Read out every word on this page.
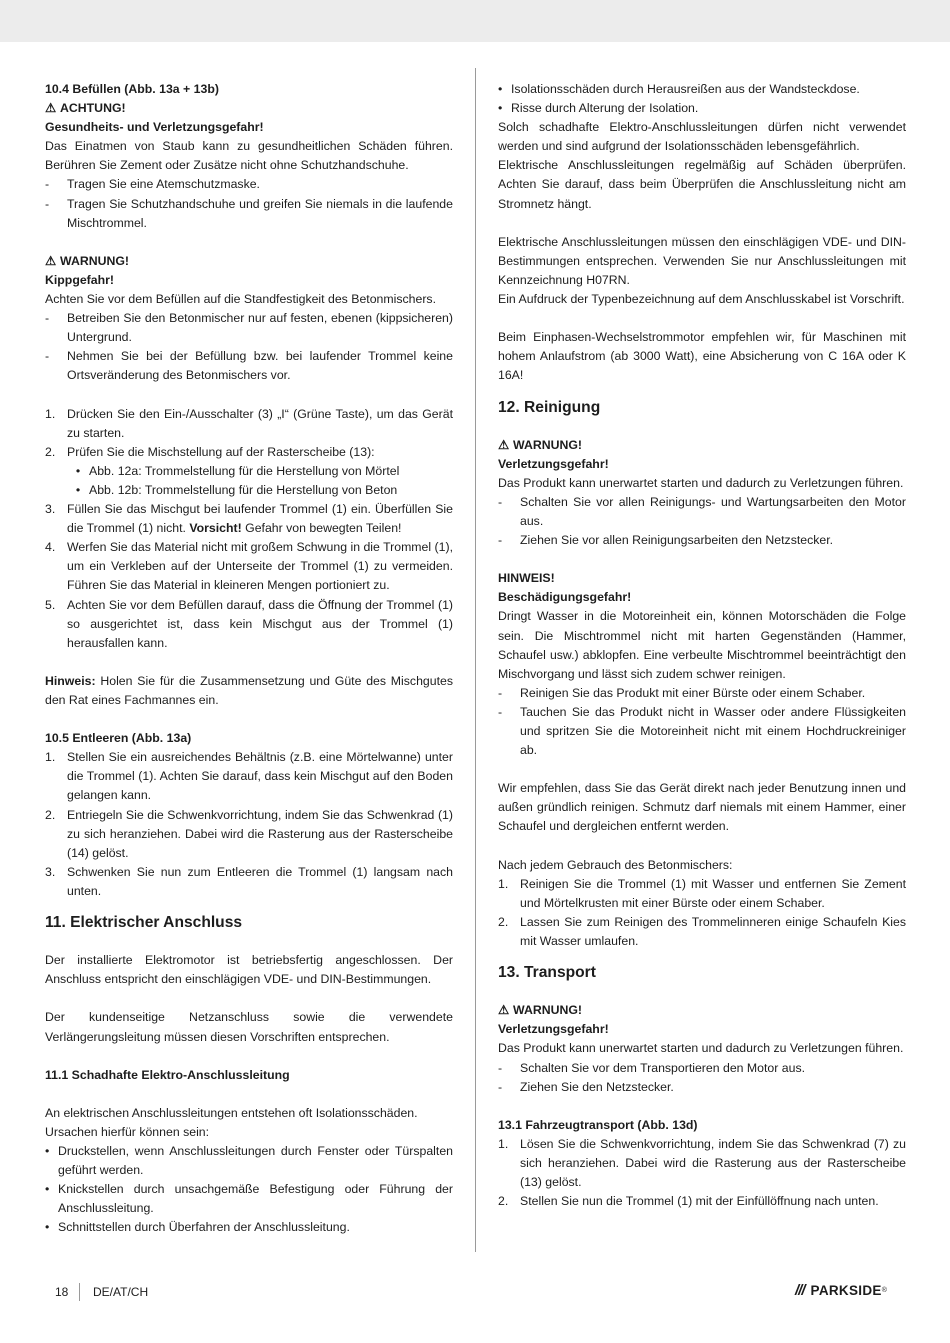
10.4 Befüllen (Abb. 13a + 13b)
⚠ ACHTUNG!
Gesundheits- und Verletzungsgefahr!
Das Einatmen von Staub kann zu gesundheitlichen Schäden führen. Berühren Sie Zement oder Zusätze nicht ohne Schutzhandschuhe.
-	Tragen Sie eine Atemschutzmaske.
-	Tragen Sie Schutzhandschuhe und greifen Sie niemals in die laufende Mischtrommel.
⚠ WARNUNG!
Kippgefahr!
Achten Sie vor dem Befüllen auf die Standfestigkeit des Betonmischers.
-	Betreiben Sie den Betonmischer nur auf festen, ebenen (kippsicheren) Untergrund.
-	Nehmen Sie bei der Befüllung bzw. bei laufender Trommel keine Ortsveränderung des Betonmischers vor.
1. Drücken Sie den Ein-/Ausschalter (3) „I“ (Grüne Taste), um das Gerät zu starten.
2. Prüfen Sie die Mischstellung auf der Rasterscheibe (13):
• Abb. 12a: Trommelstellung für die Herstellung von Mörtel
• Abb. 12b: Trommelstellung für die Herstellung von Beton
3. Füllen Sie das Mischgut bei laufender Trommel (1) ein. Überfüllen Sie die Trommel (1) nicht. Vorsicht! Gefahr von bewegten Teilen!
4. Werfen Sie das Material nicht mit großem Schwung in die Trommel (1), um ein Verkleben auf der Unterseite der Trommel (1) zu vermeiden. Führen Sie das Material in kleineren Mengen portioniert zu.
5. Achten Sie vor dem Befüllen darauf, dass die Öffnung der Trommel (1) so ausgerichtet ist, dass kein Mischgut aus der Trommel (1) herausfallen kann.
Hinweis: Holen Sie für die Zusammensetzung und Güte des Mischgutes den Rat eines Fachmannes ein.
10.5 Entleeren (Abb. 13a)
1. Stellen Sie ein ausreichendes Behältnis (z.B. eine Mörtelwanne) unter die Trommel (1). Achten Sie darauf, dass kein Mischgut auf den Boden gelangen kann.
2. Entriegeln Sie die Schwenkvorrichtung, indem Sie das Schwenkrad (1) zu sich heranziehen. Dabei wird die Rasterung aus der Rasterscheibe (14) gelöst.
3. Schwenken Sie nun zum Entleeren die Trommel (1) langsam nach unten.
11. Elektrischer Anschluss
Der installierte Elektromotor ist betriebsfertig angeschlossen. Der Anschluss entspricht den einschlägigen VDE- und DIN-Bestimmungen.
Der kundenseitige Netzanschluss sowie die verwendete Verlängerungsleitung müssen diesen Vorschriften entsprechen.
11.1 Schadhafte Elektro-Anschlussleitung
An elektrischen Anschlussleitungen entstehen oft Isolationsschäden.
Ursachen hierfür können sein:
• Druckstellen, wenn Anschlussleitungen durch Fenster oder Türspalten geführt werden.
• Knickstellen durch unsachgemäße Befestigung oder Führung der Anschlussleitung.
• Schnittstellen durch Überfahren der Anschlussleitung.
• Isolationsschäden durch Herausreißen aus der Wandsteckdose.
• Risse durch Alterung der Isolation.
Solch schadhafte Elektro-Anschlussleitungen dürfen nicht verwendet werden und sind aufgrund der Isolationsschäden lebensgefährlich.
Elektrische Anschlussleitungen regelmäßig auf Schäden überprüfen. Achten Sie darauf, dass beim Überprüfen die Anschlussleitung nicht am Stromnetz hängt.
Elektrische Anschlussleitungen müssen den einschlägigen VDE- und DIN-Bestimmungen entsprechen. Verwenden Sie nur Anschlussleitungen mit Kennzeichnung H07RN.
Ein Aufdruck der Typenbezeichnung auf dem Anschlusskabel ist Vorschrift.
Beim Einphasen-Wechselstrommotor empfehlen wir, für Maschinen mit hohem Anlaufstrom (ab 3000 Watt), eine Absicherung von C 16A oder K 16A!
12. Reinigung
⚠ WARNUNG!
Verletzungsgefahr!
Das Produkt kann unerwartet starten und dadurch zu Verletzungen führen.
-	Schalten Sie vor allen Reinigungs- und Wartungsarbeiten den Motor aus.
-	Ziehen Sie vor allen Reinigungsarbeiten den Netzstecker.
HINWEIS!
Beschädigungsgefahr!
Dringt Wasser in die Motoreinheit ein, können Motorschäden die Folge sein. Die Mischtrommel nicht mit harten Gegenständen (Hammer, Schaufel usw.) abklopfen. Eine verbeulte Mischtrommel beeinträchtigt den Mischvorgang und lässt sich zudem schwer reinigen.
-	Reinigen Sie das Produkt mit einer Bürste oder einem Schaber.
-	Tauchen Sie das Produkt nicht in Wasser oder andere Flüssigkeiten und spritzen Sie die Motoreinheit nicht mit einem Hochdruckreiniger ab.
Wir empfehlen, dass Sie das Gerät direkt nach jeder Benutzung innen und außen gründlich reinigen. Schmutz darf niemals mit einem Hammer, einer Schaufel und dergleichen entfernt werden.
Nach jedem Gebrauch des Betonmischers:
1. Reinigen Sie die Trommel (1) mit Wasser und entfernen Sie Zement und Mörtelkrusten mit einer Bürste oder einem Schaber.
2. Lassen Sie zum Reinigen des Trommelinneren einige Schaufeln Kies mit Wasser umlaufen.
13. Transport
⚠ WARNUNG!
Verletzungsgefahr!
Das Produkt kann unerwartet starten und dadurch zu Verletzungen führen.
-	Schalten Sie vor dem Transportieren den Motor aus.
-	Ziehen Sie den Netzstecker.
13.1 Fahrzeugtransport (Abb. 13d)
1. Lösen Sie die Schwenkvorrichtung, indem Sie das Schwenkrad (7) zu sich heranziehen. Dabei wird die Rasterung aus der Rasterscheibe (13) gelöst.
2. Stellen Sie nun die Trommel (1) mit der Einfüllöffnung nach unten.
18 DE/AT/CH	/// PARKSIDE ®
